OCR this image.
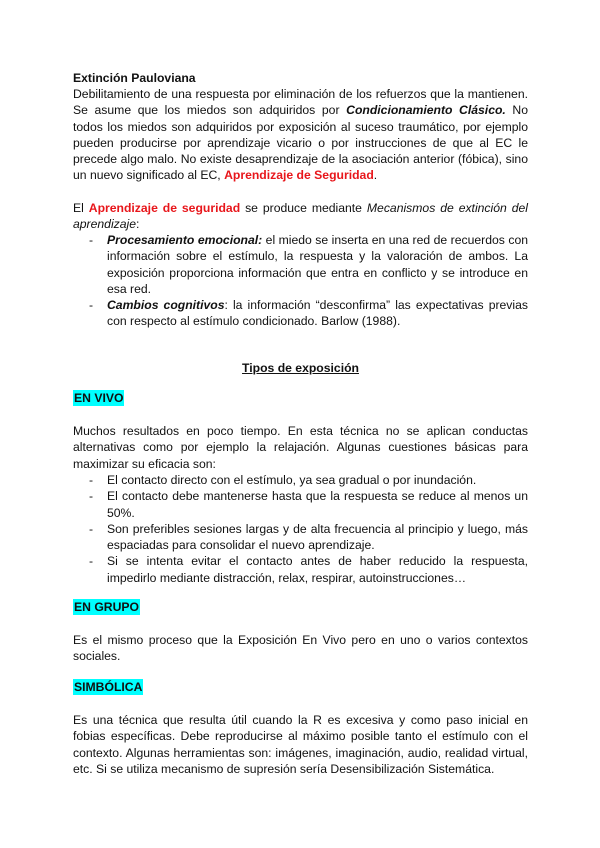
Extinción Pauloviana
Debilitamiento de una respuesta por eliminación de los refuerzos que la mantienen. Se asume que los miedos son adquiridos por Condicionamiento Clásico. No todos los miedos son adquiridos por exposición al suceso traumático, por ejemplo pueden producirse por aprendizaje vicario o por instrucciones de que al EC le precede algo malo. No existe desaprendizaje de la asociación anterior (fóbica), sino un nuevo significado al EC, Aprendizaje de Seguridad.
El Aprendizaje de seguridad se produce mediante Mecanismos de extinción del aprendizaje:
- Procesamiento emocional: el miedo se inserta en una red de recuerdos con información sobre el estímulo, la respuesta y la valoración de ambos. La exposición proporciona información que entra en conflicto y se introduce en esa red.
- Cambios cognitivos: la información “desconfirma” las expectativas previas con respecto al estímulo condicionado. Barlow (1988).
Tipos de exposición
EN VIVO
Muchos resultados en poco tiempo. En esta técnica no se aplican conductas alternativas como por ejemplo la relajación. Algunas cuestiones básicas para maximizar su eficacia son:
- El contacto directo con el estímulo, ya sea gradual o por inundación.
- El contacto debe mantenerse hasta que la respuesta se reduce al menos un 50%.
- Son preferibles sesiones largas y de alta frecuencia al principio y luego, más espaciadas para consolidar el nuevo aprendizaje.
- Si se intenta evitar el contacto antes de haber reducido la respuesta, impedirlo mediante distracción, relax, respirar, autoinstrucciones…
EN GRUPO
Es el mismo proceso que la Exposición En Vivo pero en uno o varios contextos sociales.
SIMBÓLICA
Es una técnica que resulta útil cuando la R es excesiva y como paso inicial en fobias específicas. Debe reproducirse al máximo posible tanto el estímulo con el contexto. Algunas herramientas son: imágenes, imaginación, audio, realidad virtual, etc. Si se utiliza mecanismo de supresión sería Desensibilización Sistemática.
